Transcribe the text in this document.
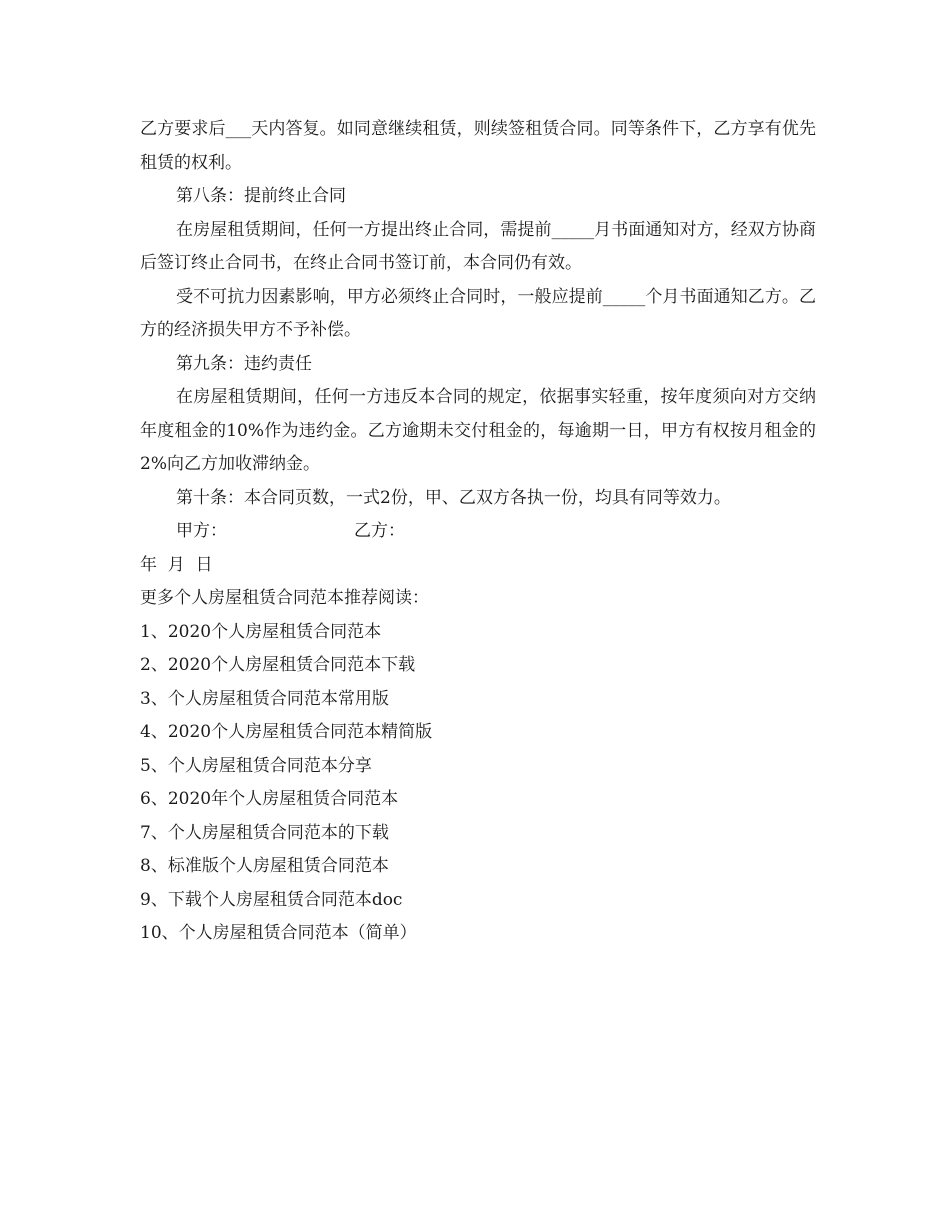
乙方要求后___天内答复。如同意继续租赁，则续签租赁合同。同等条件下，乙方享有优先租赁的权利。

第八条：提前终止合同

在房屋租赁期间，任何一方提出终止合同，需提前_____月书面通知对方，经双方协商后签订终止合同书，在终止合同书签订前，本合同仍有效。

受不可抗力因素影响，甲方必须终止合同时，一般应提前_____个月书面通知乙方。乙方的经济损失甲方不予补偿。

第九条：违约责任

在房屋租赁期间，任何一方违反本合同的规定，依据事实轻重，按年度须向对方交纳年度租金的10%作为违约金。乙方逾期未交付租金的，每逾期一日，甲方有权按月租金的2%向乙方加收滞纳金。

第十条：本合同页数，一式2份，甲、乙双方各执一份，均具有同等效力。

甲方：	乙方：

年  月  日

更多个人房屋租赁合同范本推荐阅读：

1、2020个人房屋租赁合同范本

2、2020个人房屋租赁合同范本下载

3、个人房屋租赁合同范本常用版

4、2020个人房屋租赁合同范本精简版

5、个人房屋租赁合同范本分享

6、2020年个人房屋租赁合同范本

7、个人房屋租赁合同范本的下载

8、标准版个人房屋租赁合同范本

9、下载个人房屋租赁合同范本doc

10、个人房屋租赁合同范本（简单）
